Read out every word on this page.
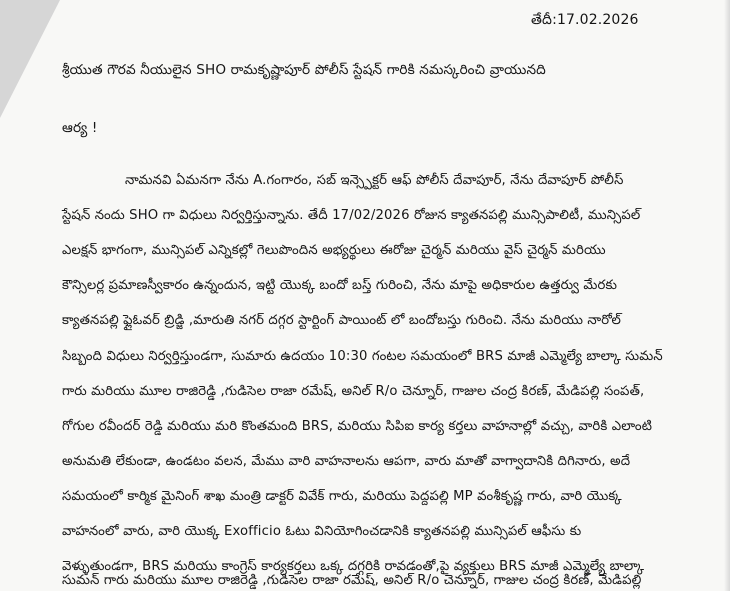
తేదీ:17.02.2026
శ్రీయుత గౌరవ నీయులైన SHO రామకృష్ణాపూర్ పోలీస్ స్టేషన్ గారికి నమస్కరించి వ్రాయునది
ఆర్య !
నామనవి ఏమనగా నేను A.గంగారం, సబ్ ఇన్స్పెక్టర్ ఆఫ్ పోలీస్ దేవాపూర్, నేను దేవాపూర్ పోలీస్
స్టేషన్ నందు SHO గా విధులు నిర్వర్తిస్తున్నాను. తేదీ 17/02/2026 రోజున క్యాతనపల్లి మున్సిపాలిటీ, మున్సిపల్
ఎలక్షన్ భాగంగా, మున్సిపల్ ఎన్నికల్లో గెలుపొందిన అభ్యర్థులు ఈరోజు చైర్మన్ మరియు వైస్ చైర్మన్ మరియు
కౌన్సిలర్ల ప్రమాణస్వీకారం ఉన్నందున, ఇట్టి యొక్క బందో బస్త్ గురించి, నేను మాపై అధికారుల ఉత్తర్వు మేరకు
క్యాతనపల్లి ఫ్లైఓవర్ బ్రిడ్జి ,మారుతి నగర్ దగ్గర స్టార్టింగ్ పాయింట్ లో బందోబస్తు గురించి. నేను మరియు నారోల్
సిబ్బంది విధులు నిర్వర్తిస్తుండగా, సుమారు ఉదయం 10:30 గంటల సమయంలో BRS మాజీ ఎమ్మెల్యే బాల్కా సుమన్
గారు మరియు మూల రాజిరెడ్డి ,గుడిసెల రాజా రమేష్, అనిల్ R/o చెన్నూర్, గాజుల చంద్ర కిరణ్, మేడిపల్లి సంపత్,
గోగుల రవీందర్ రెడ్డి మరియు మరి కొంతమంది BRS, మరియు సిపిఐ కార్య కర్తలు వాహనాల్లో వచ్చు, వారికి ఎలాంటి
అనుమతి లేకుండా, ఉండటం వలన, మేము వారి వాహనాలను ఆపగా, వారు మాతో వాగ్వాదానికి దిగినారు, అదే
సమయంలో కార్మిక మైనింగ్ శాఖ మంత్రి డాక్టర్ వివేక్ గారు, మరియు పెద్దపల్లి MP వంశీకృష్ణ గారు, వారి యొక్క
వాహనంలో వారు, వారి యొక్క Exofficio ఓటు వినియోగించడానికి క్యాతనపల్లి మున్సిపల్ ఆఫీసు కు
వెళ్ళుతుండగా, BRS మరియు కాంగ్రెస్ కార్యకర్తలు ఒక్క దగ్గరికి రావడంతో,పై వ్యక్తులు BRS మాజీ ఎమ్మెల్యే బాల్కా
సుమన్ గారు మరియు మూల రాజిరెడ్డి ,గుడిసెల రాజా రమేష్, అనిల్ R/o చెన్నూర్, గాజుల చంద్ర కిరణ్, మేడిపల్లి
